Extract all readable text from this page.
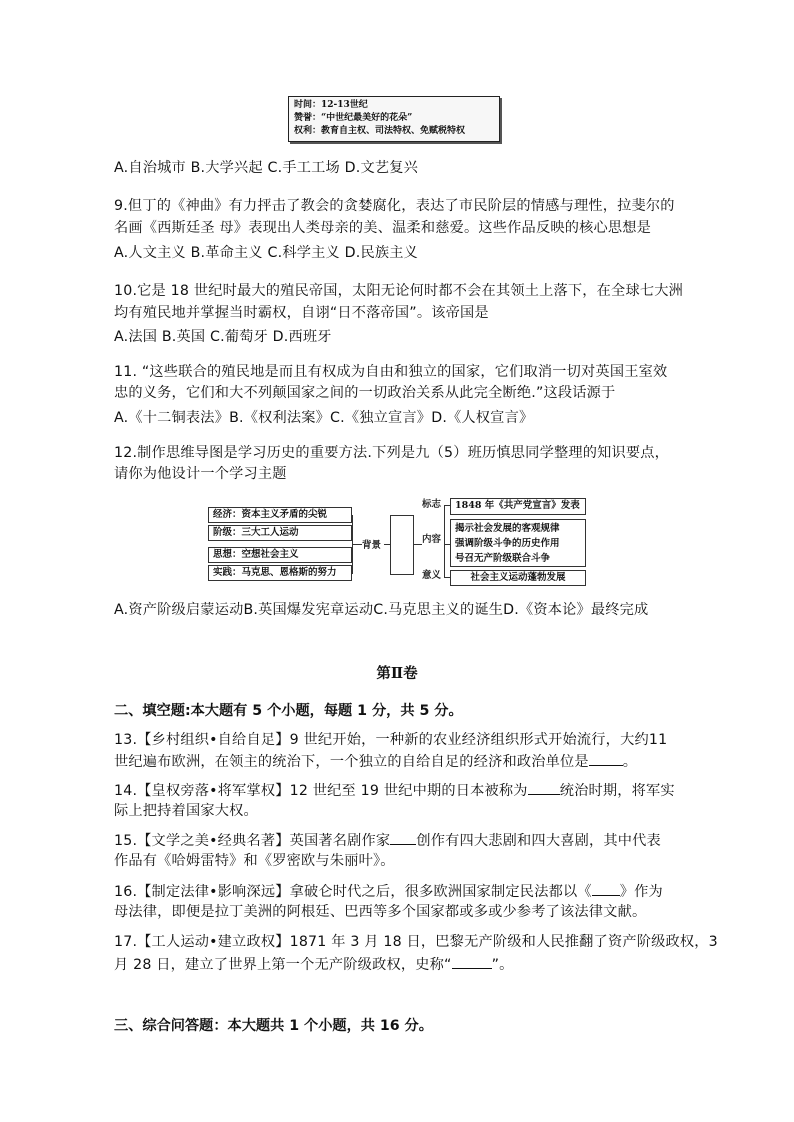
时间：12-13世纪
赞誉：“中世纪最美好的花朵”
权利：教育自主权、司法特权、免赋税特权
A.自治城市 B.大学兴起 C.手工工场 D.文艺复兴
9.但丁的《神曲》有力抨击了教会的贪婪腐化，表达了市民阶层的情感与理性，拉斐尔的
名画《西斯廷圣 母》表现出人类母亲的美、温柔和慈爱。这些作品反映的核心思想是
A.人文主义 B.革命主义 C.科学主义 D.民族主义
10.它是 18 世纪时最大的殖民帝国，太阳无论何时都不会在其领土上落下，在全球七大洲
均有殖民地并掌握当时霸权，自诩“日不落帝国”。该帝国是
A.法国 B.英国 C.葡萄牙 D.西班牙
11. “这些联合的殖民地是而且有权成为自由和独立的国家，它们取消一切对英国王室效
忠的义务，它们和大不列颠国家之间的一切政治关系从此完全断绝.”这段话源于
A.《十二铜表法》B.《权利法案》C.《独立宣言》D.《人权宣言》
12.制作思维导图是学习历史的重要方法.下列是九（5）班历慎思同学整理的知识要点，
请你为他设计一个学习主题
经济：资本主义矛盾的尖锐
阶级：三大工人运动
思想：空想社会主义
实践：马克思、恩格斯的努力
背景
标志
内容
意义
1848 年《共产党宣言》发表
揭示社会发展的客观规律
强调阶级斗争的历史作用
号召无产阶级联合斗争
社会主义运动蓬勃发展
A.资产阶级启蒙运动B.英国爆发宪章运动C.马克思主义的诞生D.《资本论》最终完成
第Ⅱ卷
二、填空题:本大题有 5 个小题，每题 1 分，共 5 分。
13.【乡村组织•自给自足】9 世纪开始，一种新的农业经济组织形式开始流行，大约11
世纪遍布欧洲，在领主的统治下，一个独立的自给自足的经济和政治单位是 。
14.【皇权旁落•将军掌权】12 世纪至 19 世纪中期的日本被称为 统治时期，将军实
际上把持着国家大权。
15.【文学之美•经典名著】英国著名剧作家 创作有四大悲剧和四大喜剧，其中代表
作品有《哈姆雷特》和《罗密欧与朱丽叶》。
16.【制定法律•影响深远】拿破仑时代之后，很多欧洲国家制定民法都以《 》作为
母法律，即便是拉丁美洲的阿根廷、巴西等多个国家都或多或少参考了该法律文献。
17.【工人运动•建立政权】1871 年 3 月 18 日，巴黎无产阶级和人民推翻了资产阶级政权，3
月 28 日，建立了世界上第一个无产阶级政权，史称“	”。
三、综合问答题：本大题共 1 个小题，共 16 分。
